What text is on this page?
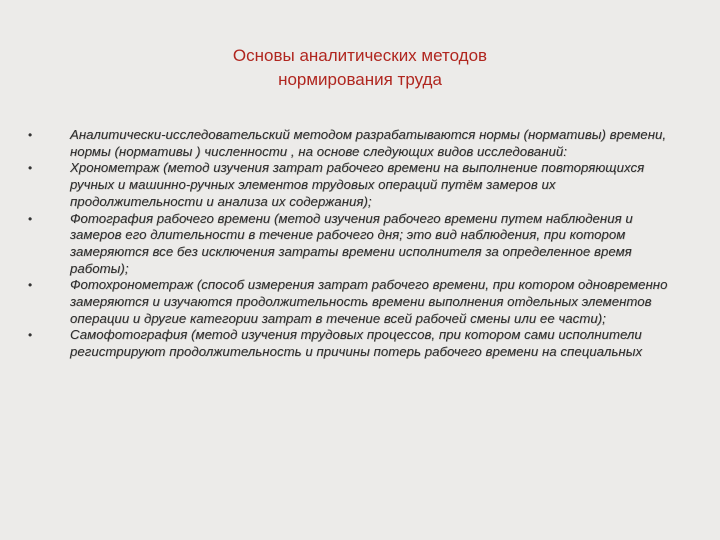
Основы аналитических методов
нормирования труда
•	Аналитически-исследовательский методом разрабатываются нормы (нормативы) времени, нормы (нормативы ) численности , на основе следующих видов исследований:
•	Хронометраж (метод изучения затрат рабочего времени на выполнение повторяющихся ручных и машинно-ручных элементов трудовых операций путём замеров их продолжительности и анализа их содержания);
•	Фотография рабочего времени (метод изучения рабочего времени путем наблюдения и замеров его длительности в течение рабочего дня; это вид наблюдения, при котором замеряются все без исключения затраты времени исполнителя за определенное время работы);
•	Фотохронометраж (способ измерения затрат рабочего времени, при котором одновременно замеряются и изучаются продолжительность времени выполнения отдельных элементов операции и другие категории затрат в течение всей рабочей смены или ее части);
•	Самофотография (метод изучения трудовых процессов, при котором сами исполнители регистрируют продолжительность и причины потерь рабочего времени на специальных
